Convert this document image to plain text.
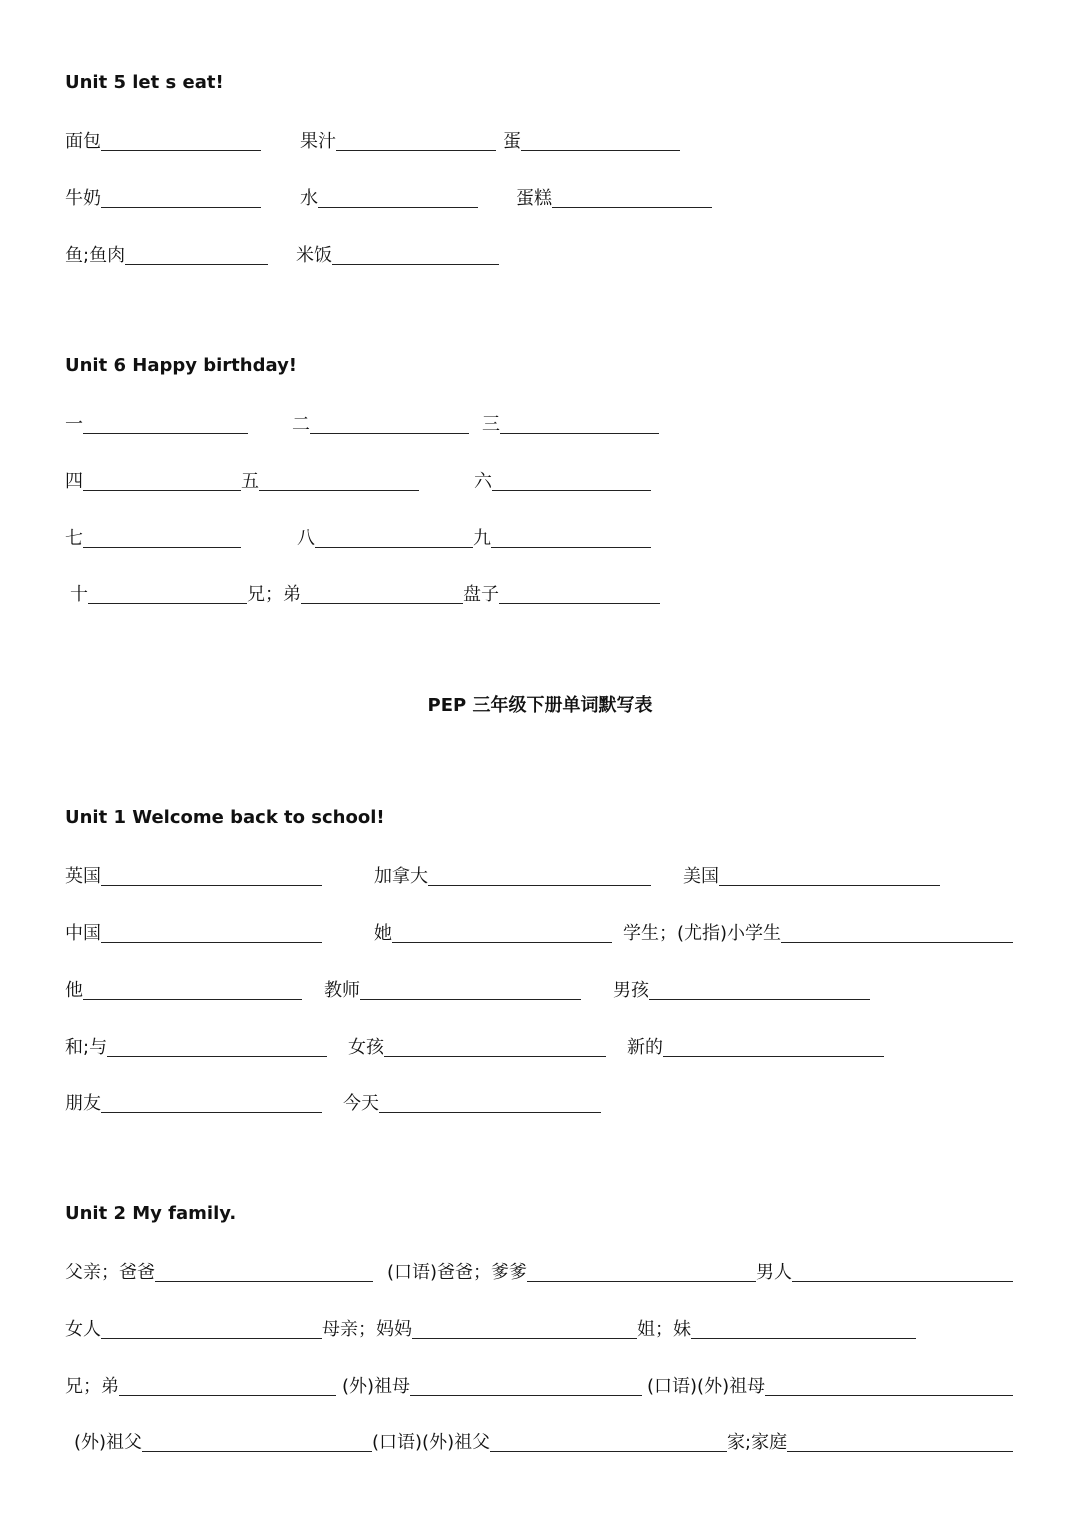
Unit 5 let s eat!
Unit 6 Happy birthday!
PEP 三年级下册单词默写表
Unit 1 Welcome back to school!
Unit 2 My family.
面包	果汁	蛋
牛奶	水	蛋糕
鱼;鱼肉	米饭
一	二	三
四	五	六
七	八	九
十	兄；弟	盘子
英国	加拿大	美国
中国	她	学生；(尤指)小学生
他	教师	男孩
和;与	女孩	新的
朋友	今天
父亲；爸爸	(口语)爸爸；爹爹	男人
女人	母亲；妈妈	姐；妹
兄；弟	(外)祖母	(口语)(外)祖母
(外)祖父	(口语)(外)祖父	家;家庭
